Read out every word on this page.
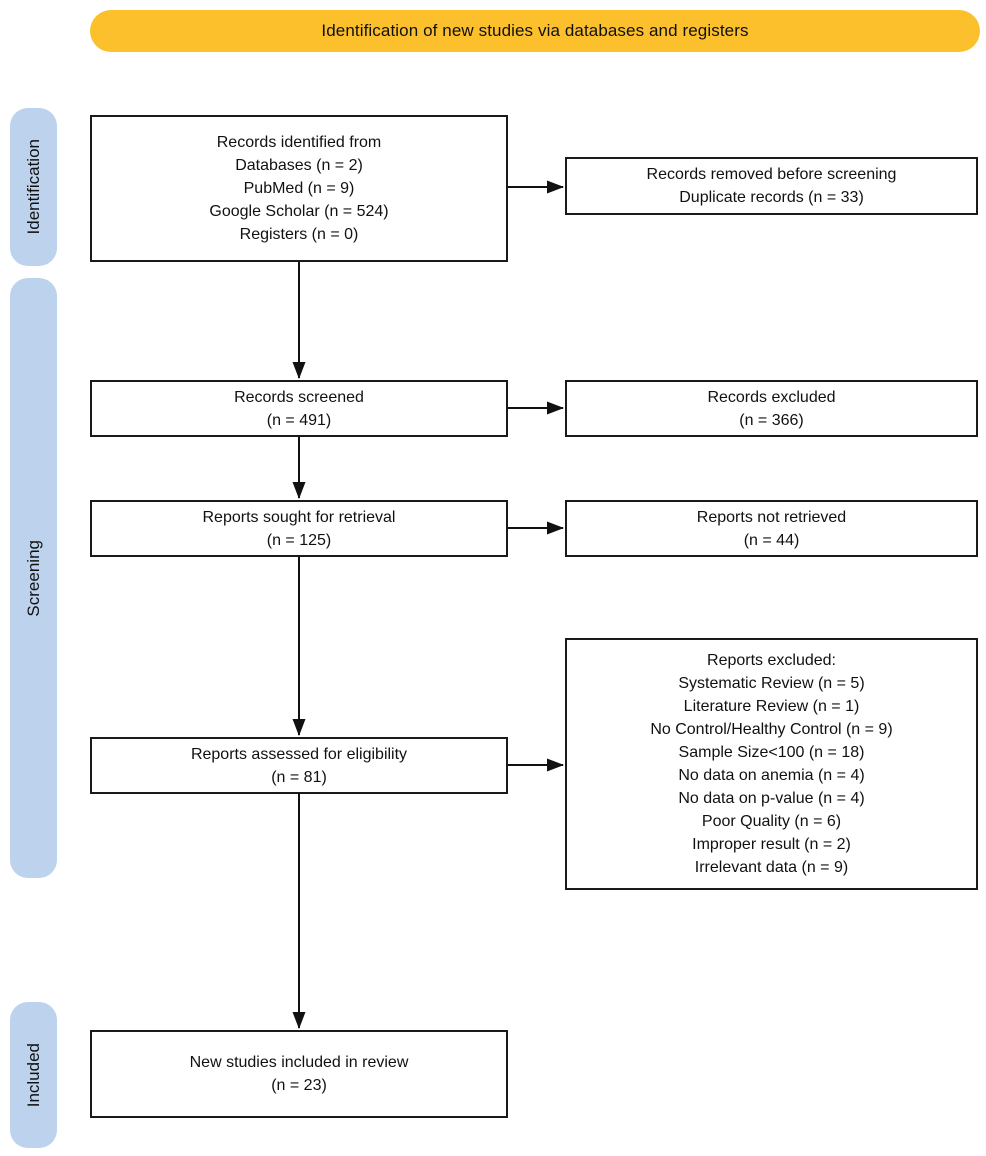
Identification of new studies via databases and registers
Identification
Screening
Included
Records identified from
Databases (n = 2)
PubMed (n = 9)
Google Scholar (n = 524)
Registers (n = 0)
Records screened
(n = 491)
Reports sought for retrieval
(n = 125)
Reports assessed for eligibility
(n = 81)
New studies included in review
(n = 23)
Records removed before screening
Duplicate records (n = 33)
Records excluded
(n = 366)
Reports not retrieved
(n = 44)
Reports excluded:
Systematic Review (n = 5)
Literature Review (n = 1)
No Control/Healthy Control (n = 9)
Sample Size<100 (n = 18)
No data on anemia (n = 4)
No data on p-value (n = 4)
Poor Quality (n = 6)
Improper result (n = 2)
Irrelevant data (n = 9)
